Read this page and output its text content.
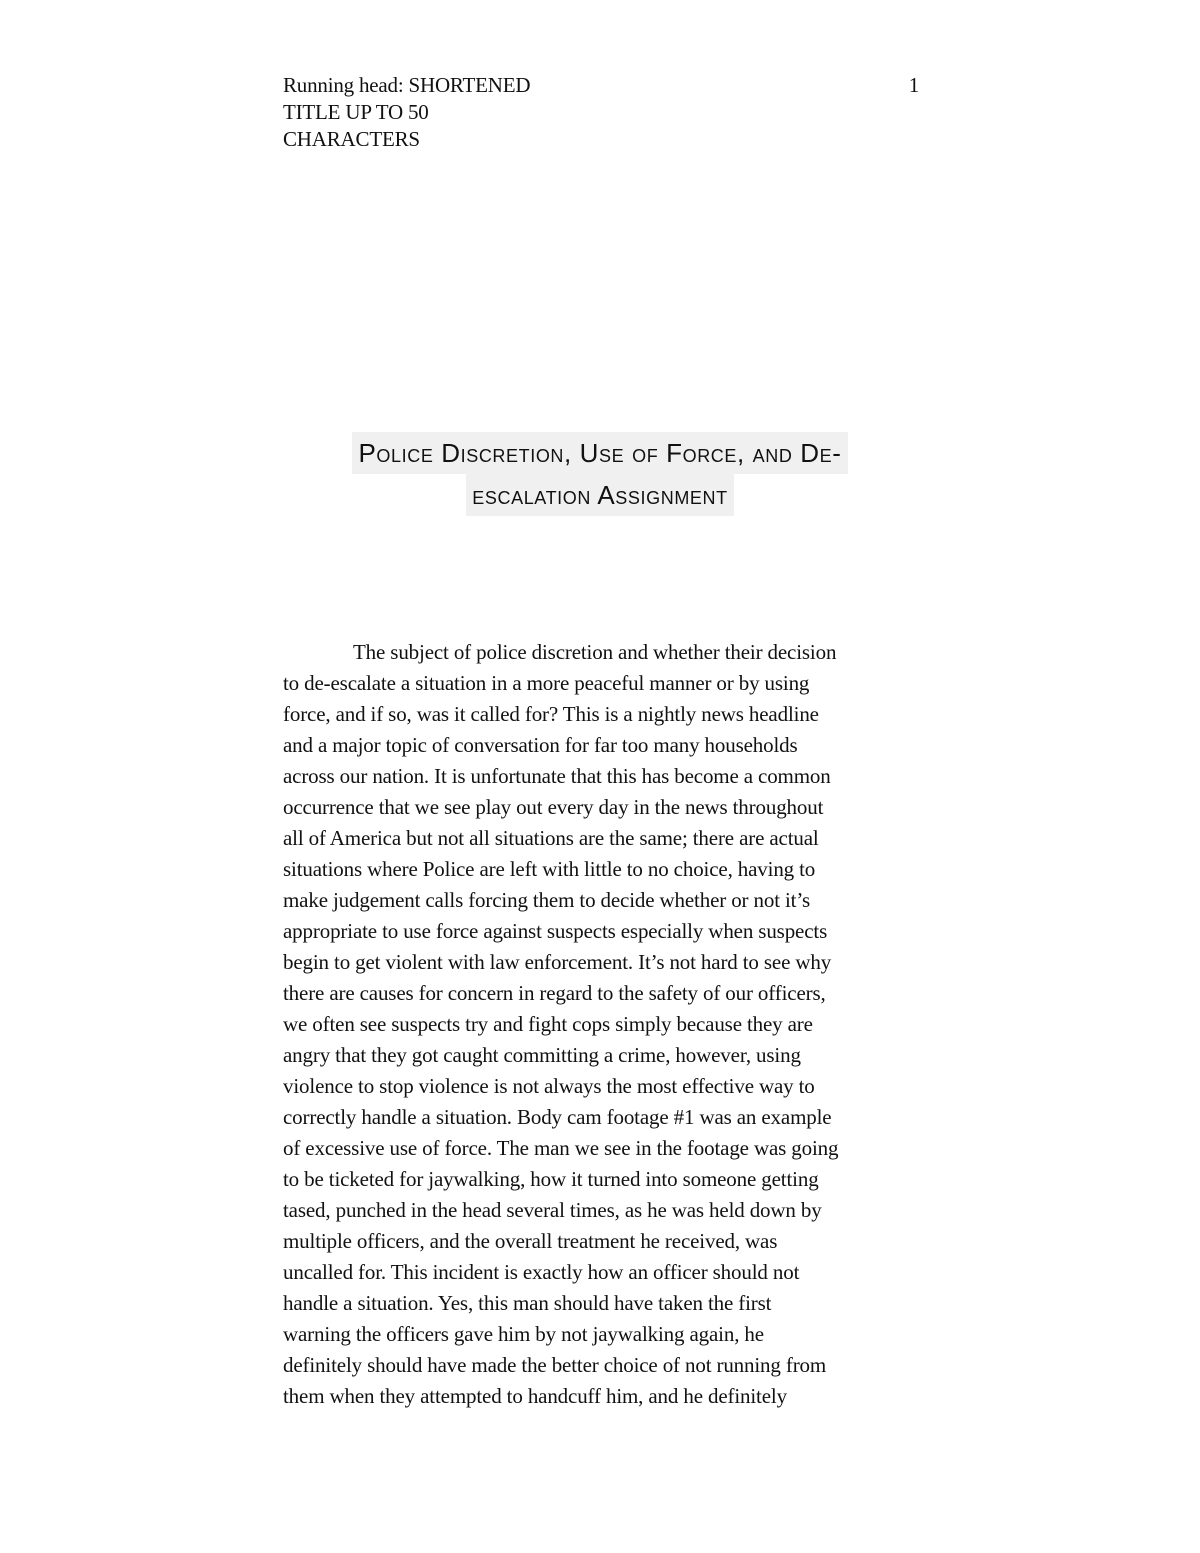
Running head: SHORTENED
TITLE UP TO 50
CHARACTERS
1
Police Discretion, Use of Force, and De-
escalation Assignment
The subject of police discretion and whether their decision
to de-escalate a situation in a more peaceful manner or by using
force, and if so, was it called for? This is a nightly news headline
and a major topic of conversation for far too many households
across our nation. It is unfortunate that this has become a common
occurrence that we see play out every day in the news throughout
all of America but not all situations are the same; there are actual
situations where Police are left with little to no choice, having to
make judgement calls forcing them to decide whether or not it’s
appropriate to use force against suspects especially when suspects
begin to get violent with law enforcement. It’s not hard to see why
there are causes for concern in regard to the safety of our officers,
we often see suspects try and fight cops simply because they are
angry that they got caught committing a crime, however, using
violence to stop violence is not always the most effective way to
correctly handle a situation. Body cam footage #1 was an example
of excessive use of force. The man we see in the footage was going
to be ticketed for jaywalking, how it turned into someone getting
tased, punched in the head several times, as he was held down by
multiple officers, and the overall treatment he received, was
uncalled for. This incident is exactly how an officer should not
handle a situation. Yes, this man should have taken the first
warning the officers gave him by not jaywalking again, he
definitely should have made the better choice of not running from
them when they attempted to handcuff him, and he definitely
